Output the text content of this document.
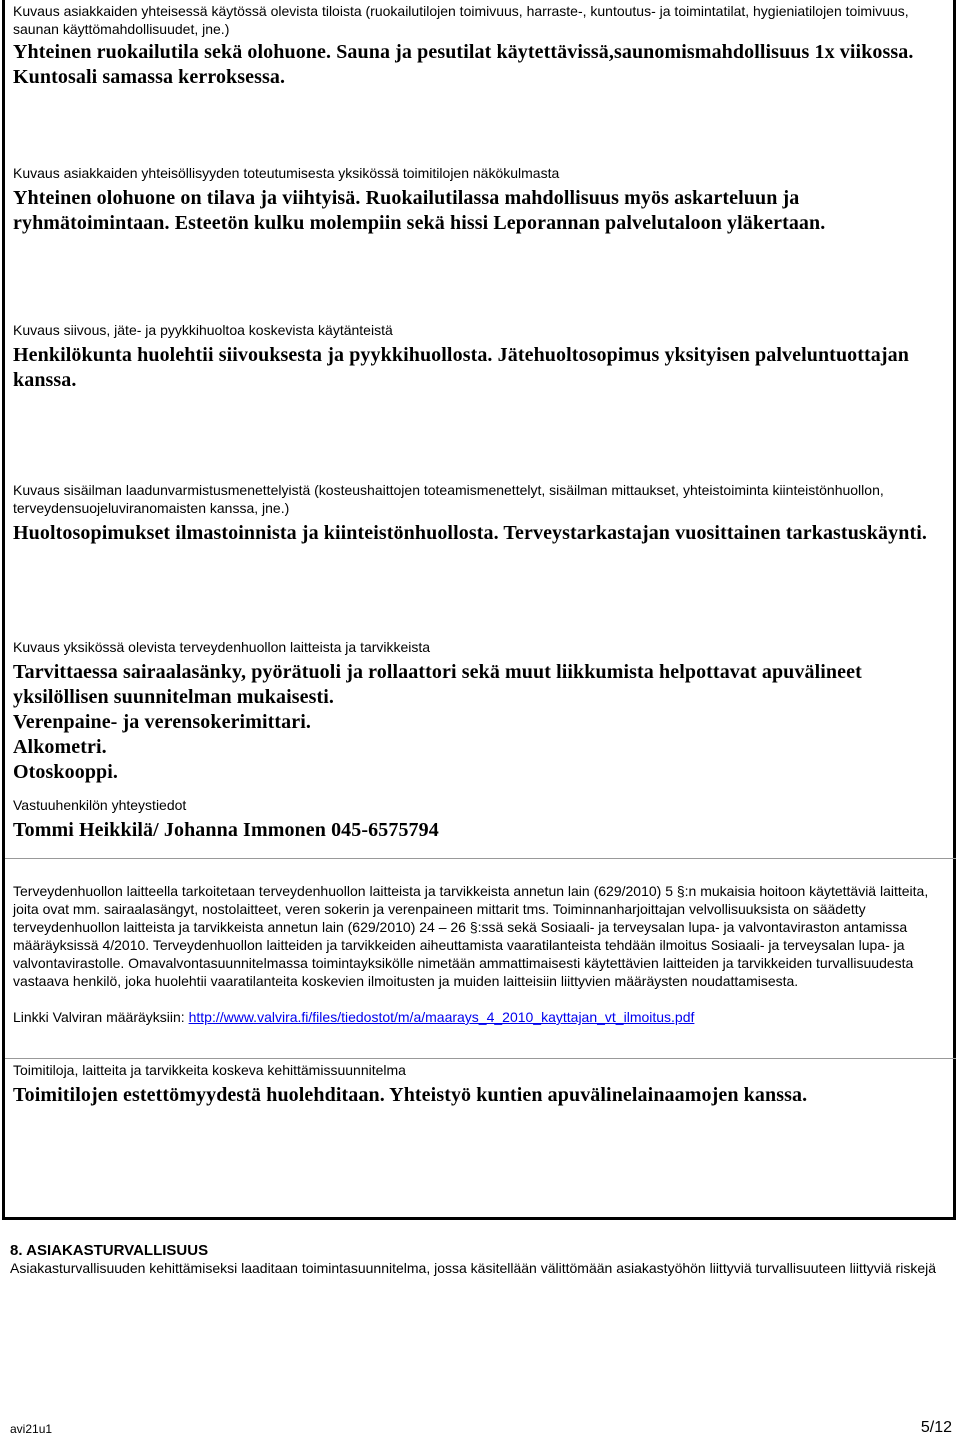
Kuvaus asiakkaiden yhteisessä käytössä olevista tiloista (ruokailutilojen toimivuus, harraste-, kuntoutus- ja toimintatilat, hygieniatilojen toimivuus, saunan käyttömahdollisuudet, jne.)

Yhteinen ruokailutila sekä olohuone. Sauna ja pesutilat käytettävissä,saunomismahdollisuus 1x viikossa. Kuntosali samassa kerroksessa.

Kuvaus asiakkaiden yhteisöllisyyden toteutumisesta yksikössä toimitilojen näkökulmasta

Yhteinen olohuone on tilava ja viihtyisä. Ruokailutilassa mahdollisuus myös askarteluun ja ryhmätoimintaan. Esteetön kulku molempiin sekä hissi Leporannan palvelutaloon yläkertaan.

Kuvaus siivous, jäte- ja pyykkihuoltoa koskevista käytänteistä

Henkilökunta huolehtii siivouksesta ja pyykkihuollosta. Jätehuoltosopimus yksityisen palveluntuottajan kanssa.

Kuvaus sisäilman laadunvarmistusmenettelyistä (kosteushaittojen toteamismenettelyt, sisäilman mittaukset, yhteistoiminta kiinteistönhuollon, terveydensuojeluviranomaisten kanssa, jne.)

Huoltosopimukset ilmastoinnista ja kiinteistönhuollosta. Terveystarkastajan vuosittainen tarkastuskäynti.

Kuvaus yksikössä olevista terveydenhuollon laitteista ja tarvikkeista

Tarvittaessa sairaalasänky, pyörätuoli ja rollaattori sekä muut liikkumista helpottavat apuvälineet yksilöllisen suunnitelman mukaisesti.

Verenpaine- ja verensokerimittari.

Alkometri.

Otoskooppi.

Vastuuhenkilön yhteystiedot

Tommi Heikkilä/ Johanna Immonen 045-6575794

Terveydenhuollon laitteella tarkoitetaan terveydenhuollon laitteista ja tarvikkeista annetun lain (629/2010) 5 §:n mukaisia hoitoon käytettäviä laitteita, joita ovat mm. sairaalasängyt, nostolaitteet, veren sokerin ja verenpaineen mittarit tms. Toiminnanharjoittajan velvollisuuksista on säädetty terveydenhuollon laitteista ja tarvikkeista annetun lain (629/2010) 24 – 26 §:ssä sekä Sosiaali- ja terveysalan lupa- ja valvontaviraston antamissa määräyksissä 4/2010. Terveydenhuollon laitteiden ja tarvikkeiden aiheuttamista vaaratilanteista tehdään ilmoitus Sosiaali- ja terveysalan lupa- ja valvontavirastolle. Omavalvontasuunnitelmassa toimintayksikölle nimetään ammattimaisesti käytettävien laitteiden ja tarvikkeiden turvallisuudesta vastaava henkilö, joka huolehtii vaaratilanteita koskevien ilmoitusten ja muiden laitteisiin liittyvien määräysten noudattamisesta.

Linkki Valviran määräyksiin: http://www.valvira.fi/files/tiedostot/m/a/maarays_4_2010_kayttajan_vt_ilmoitus.pdf

Toimitiloja, laitteita ja tarvikkeita koskeva kehittämissuunnitelma

Toimitilojen estettömyydestä huolehditaan. Yhteistyö kuntien apuvälinelainaamojen kanssa.

8. ASIAKASTURVALLISUUS

Asiakasturvallisuuden kehittämiseksi laaditaan toimintasuunnitelma, jossa käsitellään välittömään asiakastyöhön liittyviä turvallisuuteen liittyviä riskejä

avi21u1	5/12
